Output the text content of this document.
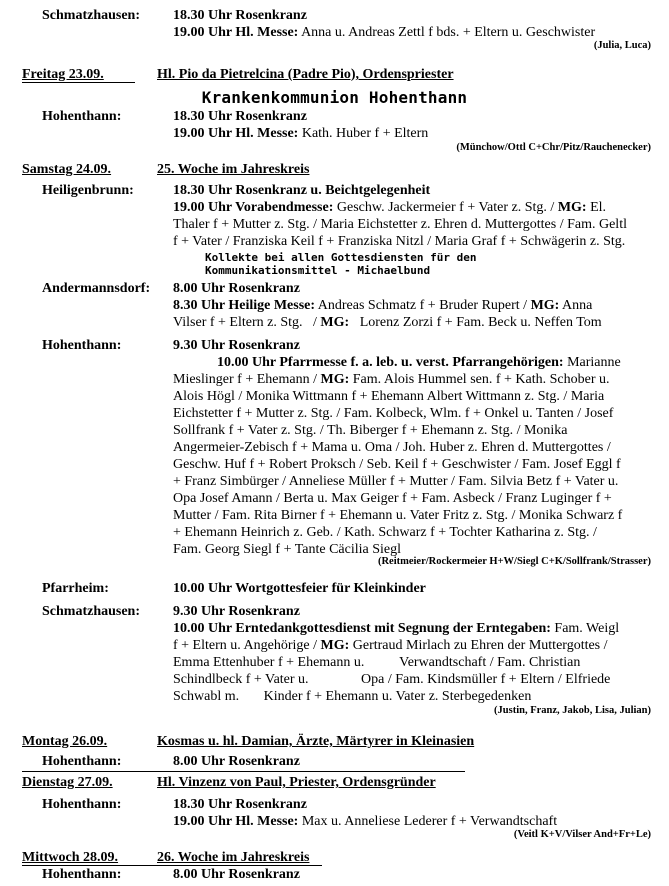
Schmatzhausen: 18.30 Uhr Rosenkranz
19.00 Uhr Hl. Messe: Anna u. Andreas Zettl f bds. + Eltern u. Geschwister
(Julia, Luca)
Freitag 23.09.	Hl. Pio da Pietrelcina (Padre Pio), Ordenspriester
Krankenkommunion Hohenthann
Hohenthann:	18.30 Uhr Rosenkranz
19.00 Uhr Hl. Messe: Kath. Huber f + Eltern
(Münchow/Ottl C+Chr/Pitz/Rauchenecker)
Samstag 24.09.	25. Woche im Jahreskreis
Heiligenbrunn:	18.30 Uhr Rosenkranz u. Beichtgelegenheit
19.00 Uhr Vorabendmesse: Geschw. Jackermeier f + Vater z. Stg. / MG: El.
Thaler f + Mutter z. Stg. / Maria Eichstetter z. Ehren d. Muttergottes / Fam. Geltl
f + Vater / Franziska Keil f + Franziska Nitzl / Maria Graf f + Schwägerin z. Stg.
Kollekte bei allen Gottesdiensten für den
Kommunikationsmittel - Michaelbund
Andermannsdorf: 8.00 Uhr Rosenkranz
8.30 Uhr Heilige Messe: Andreas Schmatz f + Bruder Rupert / MG: Anna
Vilser f + Eltern z. Stg.   / MG:   Lorenz Zorzi f + Fam. Beck u. Neffen Tom
Hohenthann:	9.30 Uhr Rosenkranz
10.00 Uhr Pfarrmesse f. a. leb. u. verst. Pfarrangehörigen: Marianne
Mieslinger f + Ehemann / MG: Fam. Alois Hummel sen. f + Kath. Schober u.
Alois Högl / Monika Wittmann f + Ehemann Albert Wittmann z. Stg. / Maria
Eichstetter f + Mutter z. Stg. / Fam. Kolbeck, Wlm. f + Onkel u. Tanten / Josef
Sollfrank f + Vater z. Stg. / Th. Biberger f + Ehemann z. Stg. / Monika
Angermeier-Zebisch f + Mama u. Oma / Joh. Huber z. Ehren d. Muttergottes /
Geschw. Huf f + Robert Proksch / Seb. Keil f + Geschwister / Fam. Josef Eggl f
+ Franz Simbürger / Anneliese Müller f + Mutter / Fam. Silvia Betz f + Vater u.
Opa Josef Amann / Berta u. Max Geiger f + Fam. Asbeck / Franz Luginger f +
Mutter / Fam. Rita Birner f + Ehemann u. Vater Fritz z. Stg. / Monika Schwarz f
+ Ehemann Heinrich z. Geb. / Kath. Schwarz f + Tochter Katharina z. Stg. /
Fam. Georg Siegl f + Tante Cäcilia Siegl
(Reitmeier/Rockermeier H+W/Siegl C+K/Sollfrank/Strasser)
Pfarrheim:	10.00 Uhr Wortgottesfeier für Kleinkinder
Schmatzhausen: 9.30 Uhr Rosenkranz
10.00 Uhr Erntedankgottesdienst mit Segnung der Erntegaben: Fam. Weigl
f + Eltern u. Angehörige / MG: Gertraud Mirlach zu Ehren der Muttergottes /
Emma Ettenhuber f + Ehemann u.          Verwandtschaft / Fam. Christian
Schindlbeck f + Vater u.               Opa / Fam. Kindsmüller f + Eltern / Elfriede
Schwabl m.       Kinder f + Ehemann u. Vater z. Sterbegedenken
(Justin, Franz, Jakob, Lisa, Julian)
Montag 26.09.	Kosmas u. hl. Damian, Ärzte, Märtyrer in Kleinasien
Hohenthann:	8.00 Uhr Rosenkranz
Dienstag 27.09.	Hl. Vinzenz von Paul, Priester, Ordensgründer
Hohenthann:	18.30 Uhr Rosenkranz
19.00 Uhr Hl. Messe: Max u. Anneliese Lederer f + Verwandtschaft
(Veitl K+V/Vilser And+Fr+Le)
Mittwoch 28.09.	26. Woche im Jahreskreis
Hohenthann:	8.00 Uhr Rosenkranz
